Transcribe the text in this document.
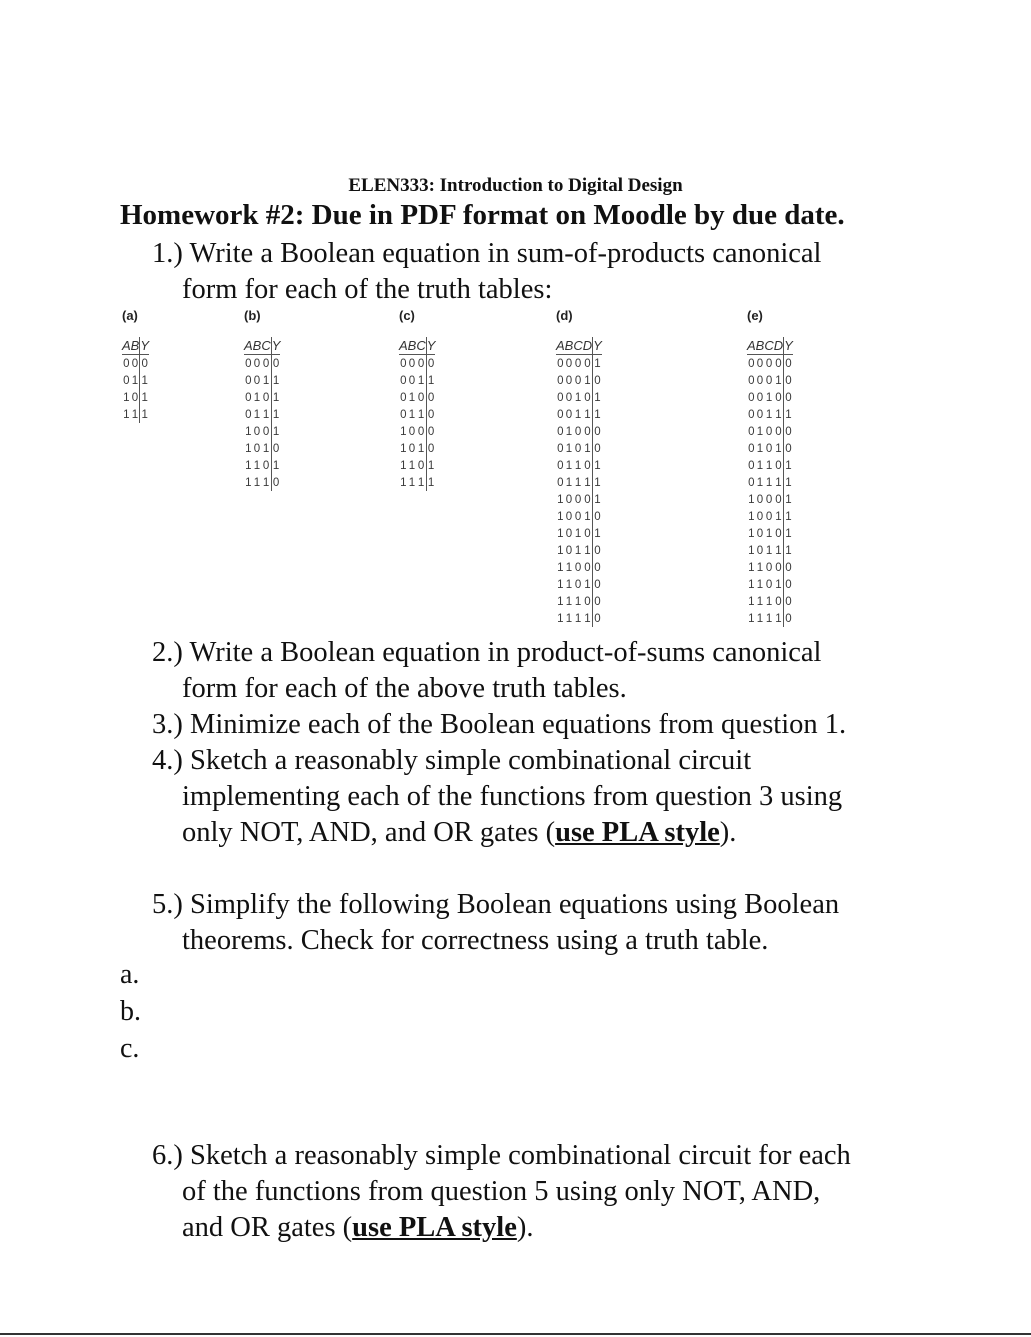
ELEN333: Introduction to Digital Design
Homework #2: Due in PDF format on Moodle by due date.
1.) Write a Boolean equation in sum-of-products canonical
form for each of the truth tables:
(a)
A	B	Y
0	0	0
0	1	1
1	0	1
1	1	1
(b)
A	B	C	Y
0	0	0	0
0	0	1	1
0	1	0	1
0	1	1	1
1	0	0	1
1	0	1	0
1	1	0	1
1	1	1	0
(c)
A	B	C	Y
0	0	0	0
0	0	1	1
0	1	0	0
0	1	1	0
1	0	0	0
1	0	1	0
1	1	0	1
1	1	1	1
(d)
A	B	C	D	Y
0	0	0	0	1
0	0	0	1	0
0	0	1	0	1
0	0	1	1	1
0	1	0	0	0
0	1	0	1	0
0	1	1	0	1
0	1	1	1	1
1	0	0	0	1
1	0	0	1	0
1	0	1	0	1
1	0	1	1	0
1	1	0	0	0
1	1	0	1	0
1	1	1	0	0
1	1	1	1	0
(e)
A	B	C	D	Y
0	0	0	0	0
0	0	0	1	0
0	0	1	0	0
0	0	1	1	1
0	1	0	0	0
0	1	0	1	0
0	1	1	0	1
0	1	1	1	1
1	0	0	0	1
1	0	0	1	1
1	0	1	0	1
1	0	1	1	1
1	1	0	0	0
1	1	0	1	0
1	1	1	0	0
1	1	1	1	0
2.) Write a Boolean equation in product-of-sums canonical
form for each of the above truth tables.
3.) Minimize each of the Boolean equations from question 1.
4.) Sketch a reasonably simple combinational circuit
implementing each of the functions from question 3 using
only NOT, AND, and OR gates (use PLA style).
5.) Simplify the following Boolean equations using Boolean
theorems. Check for correctness using a truth table.
a.
b.
c.
6.) Sketch a reasonably simple combinational circuit for each
of the functions from question 5 using only NOT, AND,
and OR gates (use PLA style).
